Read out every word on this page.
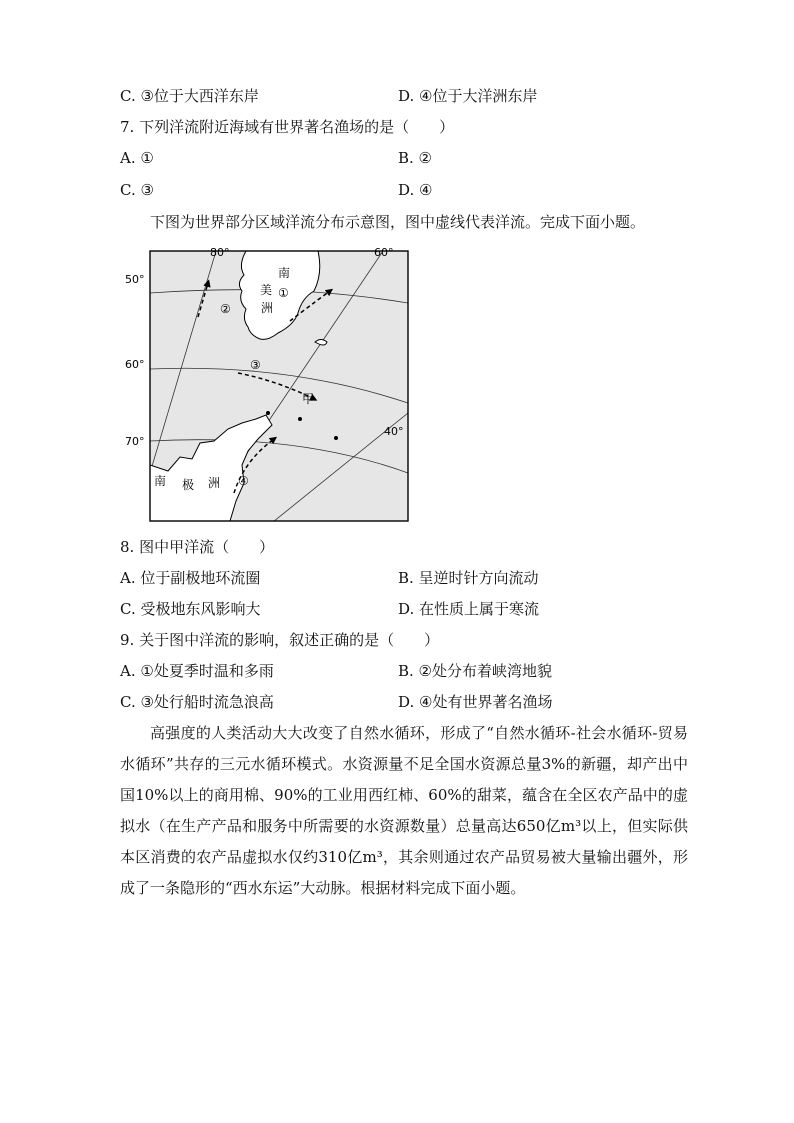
C. ③位于大西洋东岸	D. ④位于大洋洲东岸
7. 下列洋流附近海域有世界著名渔场的是（　　）
A. ①	B. ②
C. ③	D. ④
下图为世界部分区域洋流分布示意图，图中虚线代表洋流。完成下面小题。
80°	60°
50°
60°
70°
40°
南
美
洲
①
②
③
甲
④
南 极 洲
8. 图中甲洋流（　　）
A. 位于副极地环流圈	B. 呈逆时针方向流动
C. 受极地东风影响大	D. 在性质上属于寒流
9. 关于图中洋流的影响，叙述正确的是（　　）
A. ①处夏季时温和多雨	B. ②处分布着峡湾地貌
C. ③处行船时流急浪高	D. ④处有世界著名渔场
高强度的人类活动大大改变了自然水循环，形成了“自然水循环-社会水循环-贸易水循环”共存的三元水循环模式。水资源量不足全国水资源总量3%的新疆，却产出中国10%以上的商用棉、90%的工业用西红柿、60%的甜菜，蕴含在全区农产品中的虚拟水（在生产产品和服务中所需要的水资源数量）总量高达650亿m³以上，但实际供本区消费的农产品虚拟水仅约310亿m³，其余则通过农产品贸易被大量输出疆外，形成了一条隐形的“西水东运”大动脉。根据材料完成下面小题。
